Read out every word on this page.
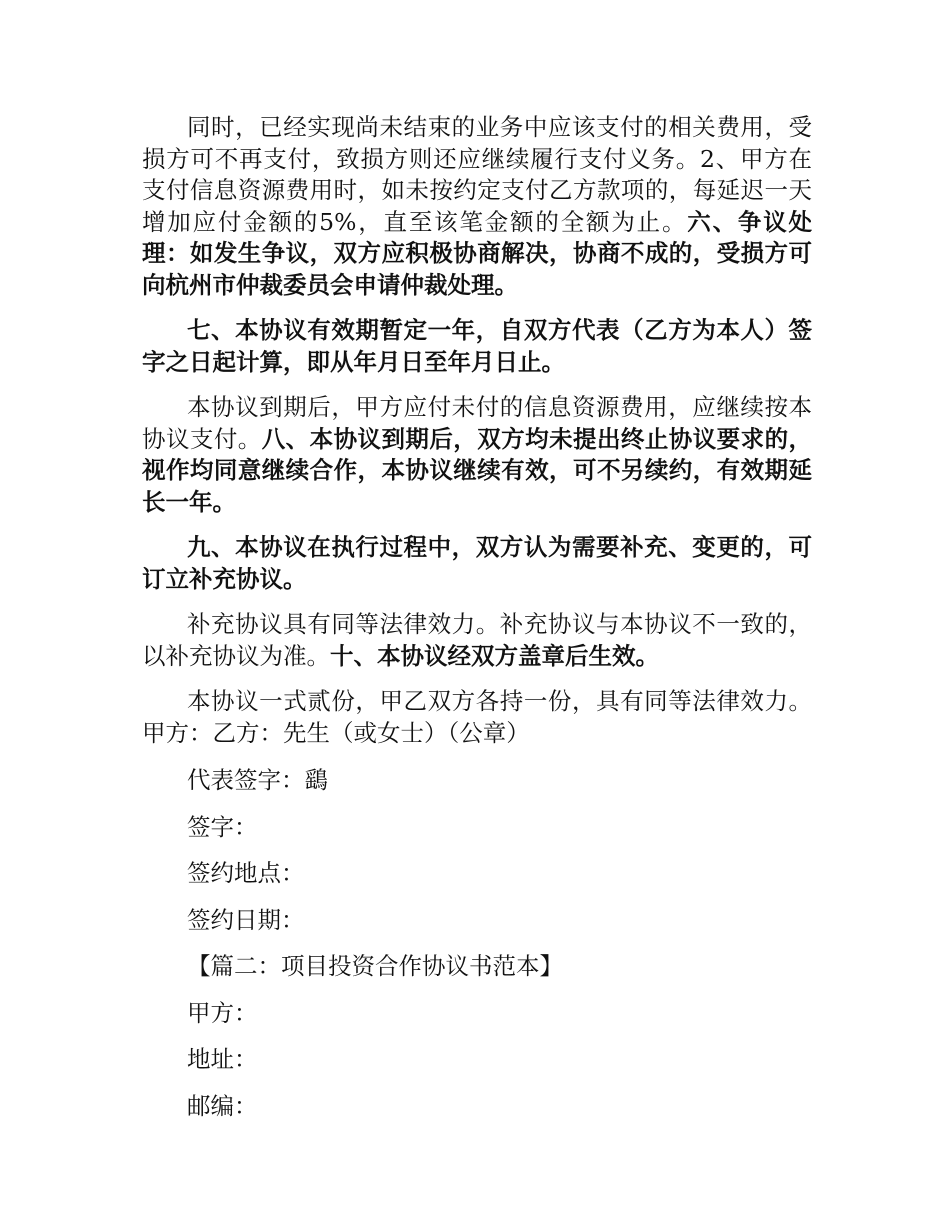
同时，已经实现尚未结束的业务中应该支付的相关费用，受损方可不再支付，致损方则还应继续履行支付义务。2、甲方在支付信息资源费用时，如未按约定支付乙方款项的，每延迟一天增加应付金额的5%，直至该笔金额的全额为止。六、争议处理：如发生争议，双方应积极协商解决，协商不成的，受损方可向杭州市仲裁委员会申请仲裁处理。

七、本协议有效期暂定一年，自双方代表（乙方为本人）签字之日起计算，即从年月日至年月日止。

本协议到期后，甲方应付未付的信息资源费用，应继续按本协议支付。八、本协议到期后，双方均未提出终止协议要求的，视作均同意继续合作，本协议继续有效，可不另续约，有效期延长一年。

九、本协议在执行过程中，双方认为需要补充、变更的，可订立补充协议。

补充协议具有同等法律效力。补充协议与本协议不一致的，以补充协议为准。十、本协议经双方盖章后生效。

本协议一式贰份，甲乙双方各持一份，具有同等法律效力。甲方：乙方：先生（或女士）（公章）

代表签字：鷂

签字：

签约地点：

签约日期：

【篇二：项目投资合作协议书范本】

甲方：

地址：

邮编：
